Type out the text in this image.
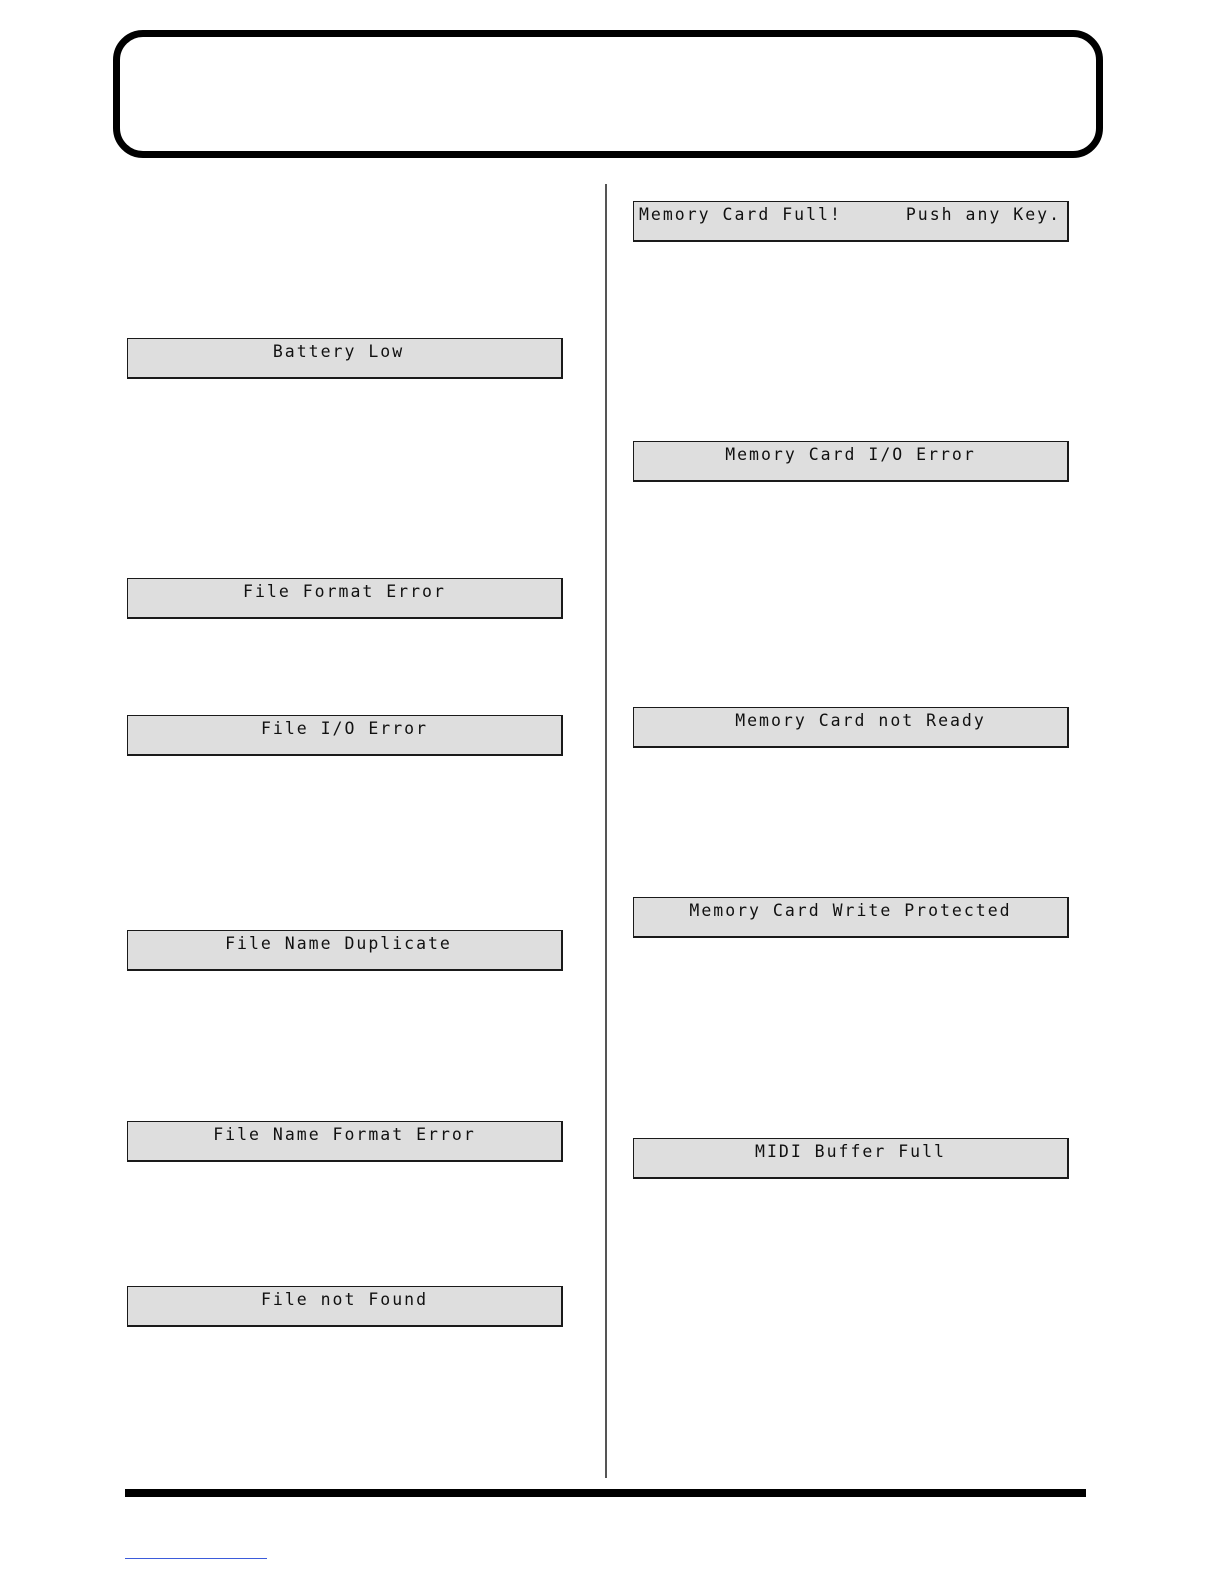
Battery Low
File Format Error
File I/O Error
File Name Duplicate
File Name Format Error
File not Found
Memory Card Full!	Push any Key.
Memory Card I/O Error
Memory Card not Ready
Memory Card Write Protected
MIDI Buffer Full
